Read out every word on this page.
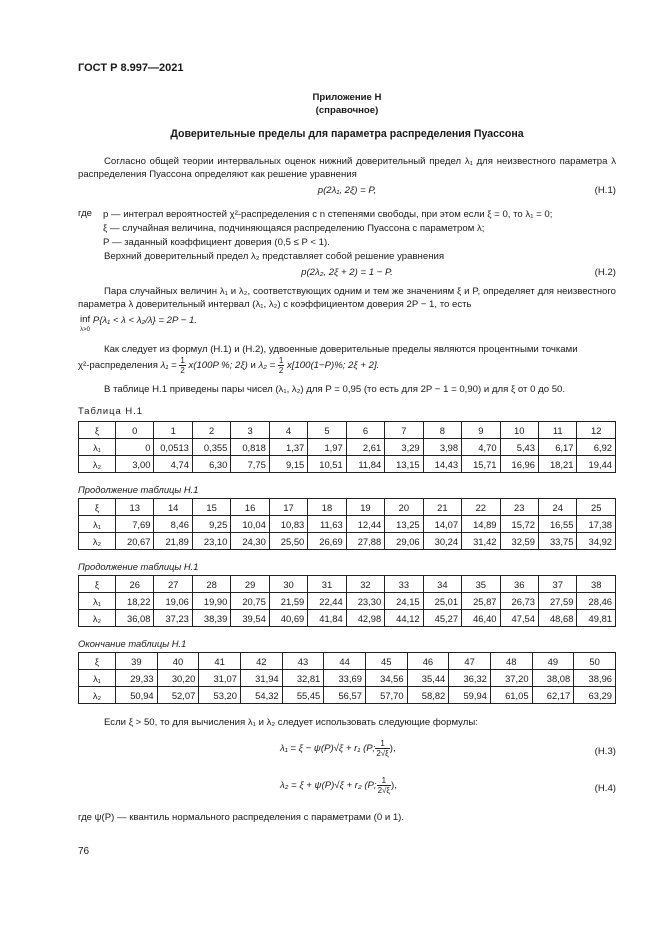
ГОСТ Р 8.997—2021
Приложение Н
(справочное)
Доверительные пределы для параметра распределения Пуассона
Согласно общей теории интервальных оценок нижний доверительный предел λ₁ для неизвестного параметра λ распределения Пуассона определяют как решение уравнения
p(2λ₁, 2ξ) = P,	(Н.1)
где p — интеграл вероятностей χ²-распределения с n степенями свободы, при этом если ξ = 0, то λ₁ = 0;
ξ — случайная величина, подчиняющаяся распределению Пуассона с параметром λ;
P — заданный коэффициент доверия (0,5 ≤ P < 1).
Верхний доверительный предел λ₂ представляет собой решение уравнения
p(2λ₂, 2ξ + 2) = 1 − P.	(Н.2)
Пара случайных величин λ₁ и λ₂, соответствующих одним и тем же значениям ξ и P, определяет для неизвестного параметра λ доверительный интервал (λ₁, λ₂) с коэффициентом доверия 2P − 1, то есть
inf
λ>0 P{λ₁ < λ < λ₂/λ} = 2P − 1.
Как следует из формул (Н.1) и (Н.2), удвоенные доверительные пределы являются процентными точками
χ²-распределения $\lambda_1 = \frac{1}{2} x(100P$ %; 2ξ) и $\lambda_2 = \frac{1}{2} x[100(1-P)\%$; 2ξ + 2].
В таблице Н.1 приведены пары чисел (λ₁, λ₂) для P = 0,95 (то есть для 2P − 1 = 0,90) и для ξ от 0 до 50.
Таблица Н.1
ξ	0	1	2	3	4	5	6	7	8	9	10	11	12
λ₁	0	0,0513	0,355	0,818	1,37	1,97	2,61	3,29	3,98	4,70	5,43	6,17	6,92
λ₂	3,00	4,74	6,30	7,75	9,15	10,51	11,84	13,15	14,43	15,71	16,96	18,21	19,44
Продолжение таблицы Н.1
ξ	13	14	15	16	17	18	19	20	21	22	23	24	25
λ₁	7,69	8,46	9,25	10,04	10,83	11,63	12,44	13,25	14,07	14,89	15,72	16,55	17,38
λ₂	20,67	21,89	23,10	24,30	25,50	26,69	27,88	29,06	30,24	31,42	32,59	33,75	34,92
Продолжение таблицы Н.1
ξ	26	27	28	29	30	31	32	33	34	35	36	37	38
λ₁	18,22	19,06	19,90	20,75	21,59	22,44	23,30	24,15	25,01	25,87	26,73	27,59	28,46
λ₂	36,08	37,23	38,39	39,54	40,69	41,84	42,98	44,12	45,27	46,40	47,54	48,68	49,81
Окончание таблицы Н.1
ξ	39	40	41	42	43	44	45	46	47	48	49	50
λ₁	29,33	30,20	31,07	31,94	32,81	33,69	34,56	35,44	36,32	37,20	38,08	38,96
λ₂	50,94	52,07	53,20	54,32	55,45	56,57	57,70	58,82	59,94	61,05	62,17	63,29
Если ξ > 50, то для вычисления λ₁ и λ₂ следует использовать следующие формулы:
λ₁ = ξ − ψ(P)√ξ + r₁ (P; $\frac{1}{2√\xi}$ ),	(Н.3)
λ₂ = ξ + ψ(P)√ξ + r₂ (P; $\frac{1}{2√\xi}$ ),	(Н.4)
где ψ(P) — квантиль нормального распределения с параметрами (0 и 1).
76
